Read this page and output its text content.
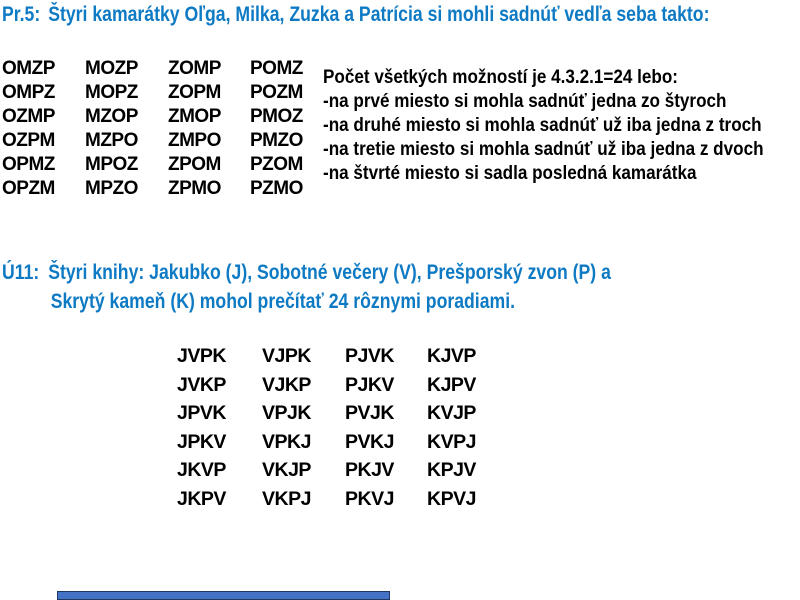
Pr.5: Štyri kamarátky Oľga, Milka, Zuzka a Patrícia si mohli sadnúť vedľa seba takto:
OMZP	MOZP	ZOMP	POMZ
OMPZ	MOPZ	ZOPM	POZM
OZMP	MZOP	ZMOP	PMOZ
OZPM	MZPO	ZMPO	PMZO
OPMZ	MPOZ	ZPOM	PZOM
OPZM	MPZO	ZPMO	PZMO
Počet všetkých možností je 4.3.2.1=24 lebo:
-na prvé miesto si mohla sadnúť jedna zo štyroch
-na druhé miesto si mohla sadnúť už iba jedna z troch
-na tretie miesto si mohla sadnúť už iba jedna z dvoch
-na štvrté miesto si sadla posledná kamarátka
Ú11: Štyri knihy: Jakubko (J), Sobotné večery (V), Prešporský zvon (P) a
Skrytý kameň (K) mohol prečítať 24 rôznymi poradiami.
JVPK	VJPK	PJVK	KJVP
JVKP	VJKP	PJKV	KJPV
JPVK	VPJK	PVJK	KVJP
JPKV	VPKJ	PVKJ	KVPJ
JKVP	VKJP	PKJV	KPJV
JKPV	VKPJ	PKVJ	KPVJ
